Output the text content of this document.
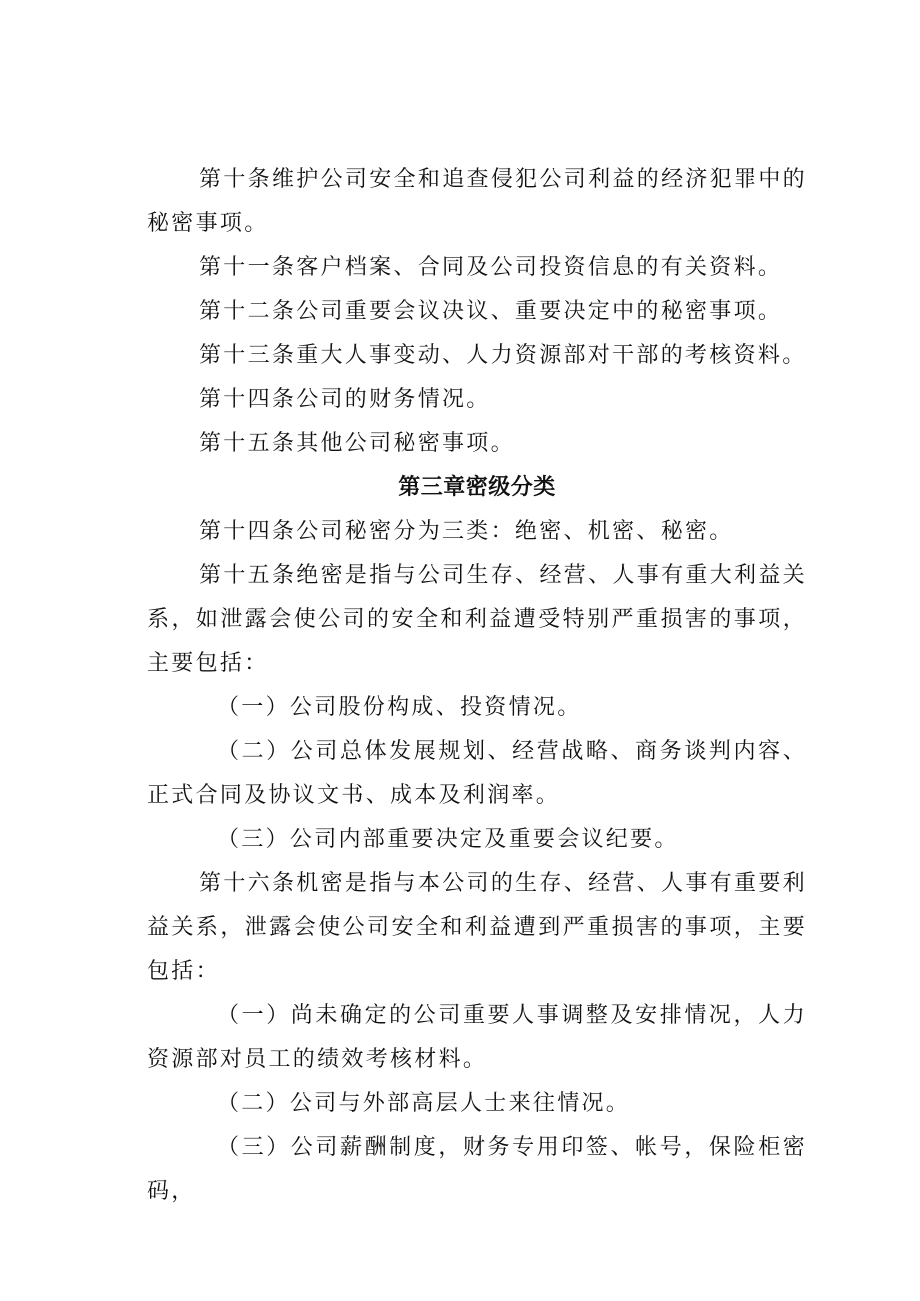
第十条维护公司安全和追查侵犯公司利益的经济犯罪中的秘密事项。

第十一条客户档案、合同及公司投资信息的有关资料。

第十二条公司重要会议决议、重要决定中的秘密事项。

第十三条重大人事变动、人力资源部对干部的考核资料。

第十四条公司的财务情况。

第十五条其他公司秘密事项。

第三章密级分类

第十四条公司秘密分为三类：绝密、机密、秘密。

第十五条绝密是指与公司生存、经营、人事有重大利益关系，如泄露会使公司的安全和利益遭受特别严重损害的事项，主要包括：

（一）公司股份构成、投资情况。

（二）公司总体发展规划、经营战略、商务谈判内容、正式合同及协议文书、成本及利润率。

（三）公司内部重要决定及重要会议纪要。

第十六条机密是指与本公司的生存、经营、人事有重要利益关系，泄露会使公司安全和利益遭到严重损害的事项，主要包括：

（一）尚未确定的公司重要人事调整及安排情况，人力资源部对员工的绩效考核材料。

（二）公司与外部高层人士来往情况。

（三）公司薪酬制度，财务专用印签、帐号，保险柜密码，
